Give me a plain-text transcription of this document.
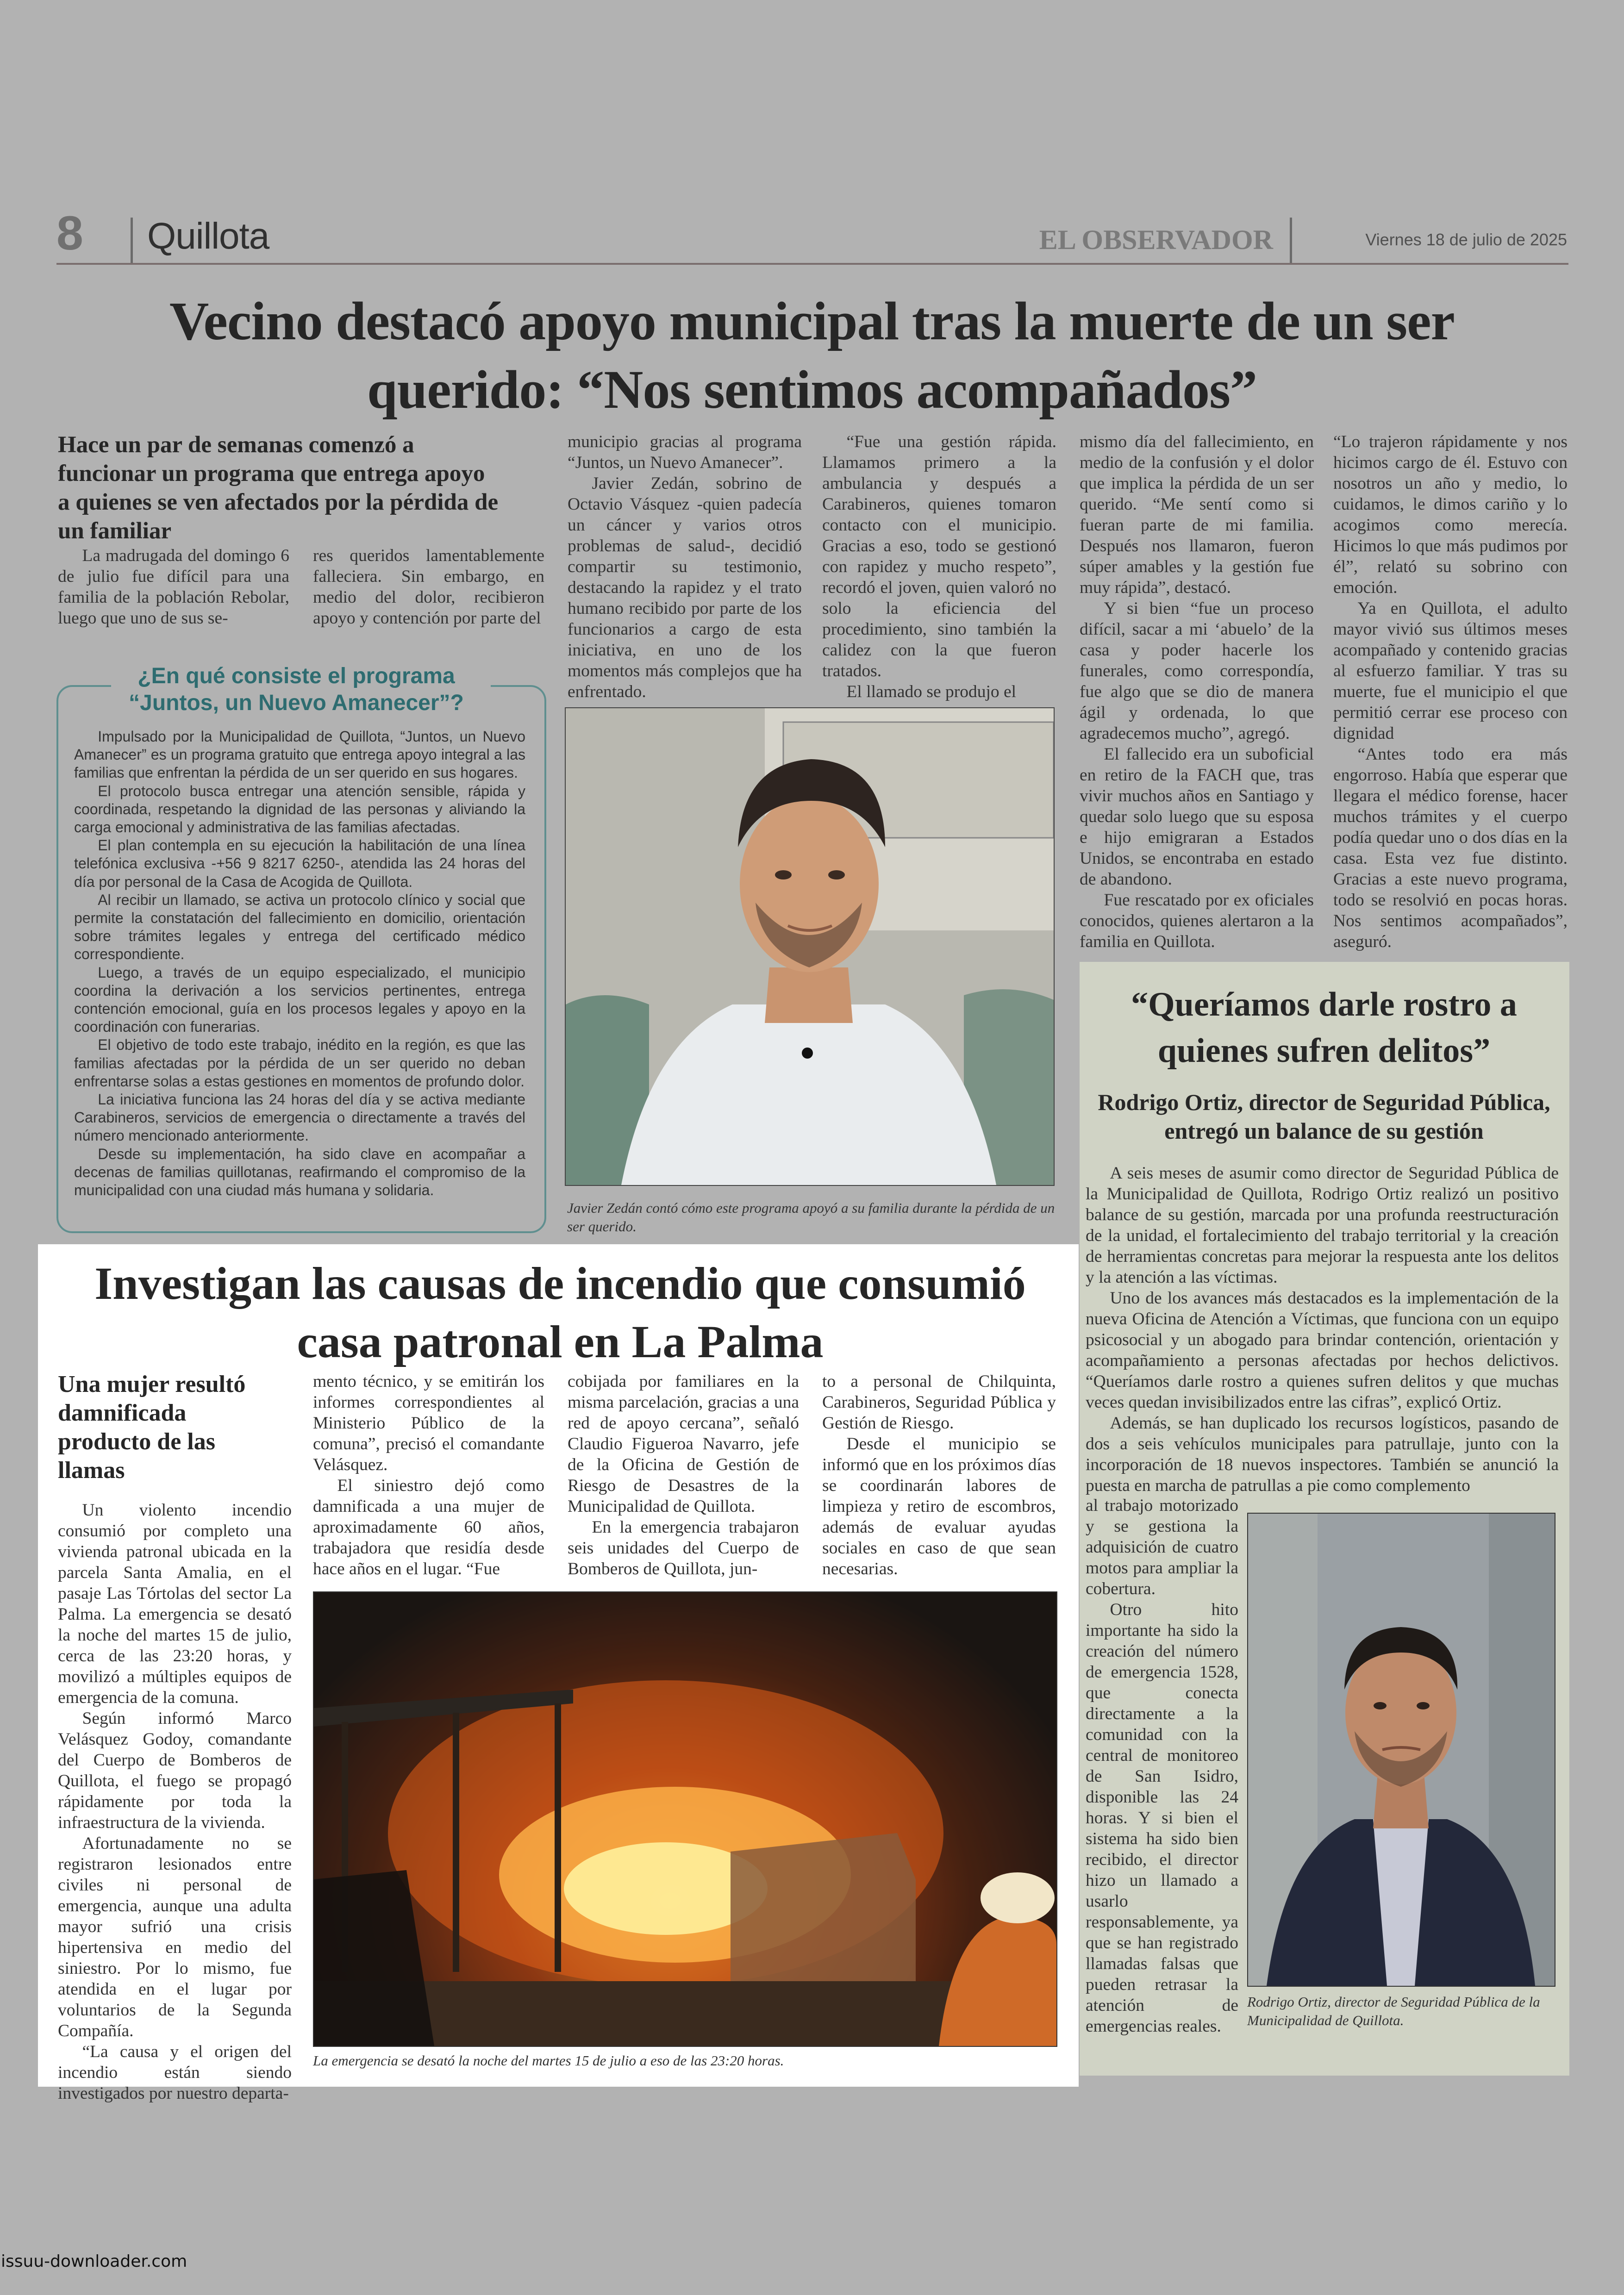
8 Quillota	EL OBSERVADOR	Viernes 18 de julio de 2025
Vecino destacó apoyo municipal tras la muerte de un ser querido: “Nos sentimos acompañados”
Hace un par de semanas comenzó a funcionar un programa que entrega apoyo a quienes se ven afectados por la pérdida de un familiar

La madrugada del domingo 6 de julio fue difícil para una familia de la población Rebolar, luego que uno de sus se-

res queridos lamentablemente falleciera. Sin embargo, en medio del dolor, recibieron apoyo y contención por parte del

municipio gracias al programa “Juntos, un Nuevo Amanecer”.

Javier Zedán, sobrino de Octavio Vásquez -quien padecía un cáncer y varios otros problemas de salud-, decidió compartir su testimonio, destacando la rapidez y el trato humano recibido por parte de los funcionarios a cargo de esta iniciativa, en uno de los momentos más complejos que ha enfrentado.

“Fue una gestión rápida. Llamamos primero a la ambulancia y después a Carabineros, quienes tomaron contacto con el municipio. Gracias a eso, todo se gestionó con rapidez y mucho respeto”, recordó el joven, quien valoró no solo la eficiencia del procedimiento, sino también la calidez con la que fueron tratados.

El llamado se produjo el

mismo día del fallecimiento, en medio de la confusión y el dolor que implica la pérdida de un ser querido. “Me sentí como si fueran parte de mi familia. Después nos llamaron, fueron súper amables y la gestión fue muy rápida”, destacó.

Y si bien “fue un proceso difícil, sacar a mi ‘abuelo’ de la casa y poder hacerle los funerales, como correspondía, fue algo que se dio de manera ágil y ordenada, lo que agradecemos mucho”, agregó.

El fallecido era un suboficial en retiro de la FACH que, tras vivir muchos años en Santiago y quedar solo luego que su esposa e hijo emigraran a Estados Unidos, se encontraba en estado de abandono.

Fue rescatado por ex oficiales conocidos, quienes alertaron a la familia en Quillota.

“Lo trajeron rápidamente y nos hicimos cargo de él. Estuvo con nosotros un año y medio, lo cuidamos, le dimos cariño y lo acogimos como merecía. Hicimos lo que más pudimos por él”, relató su sobrino con emoción.

Ya en Quillota, el adulto mayor vivió sus últimos meses acompañado y contenido gracias al esfuerzo familiar. Y tras su muerte, fue el municipio el que permitió cerrar ese proceso con dignidad

“Antes todo era más engorroso. Había que esperar que llegara el médico forense, hacer muchos trámites y el cuerpo podía quedar uno o dos días en la casa. Esta vez fue distinto. Gracias a este nuevo programa, todo se resolvió en pocas horas. Nos sentimos acompañados”, aseguró.

¿En qué consiste el programa “Juntos, un Nuevo Amanecer”?

Impulsado por la Municipalidad de Quillota, “Juntos, un Nuevo Amanecer” es un programa gratuito que entrega apoyo integral a las familias que enfrentan la pérdida de un ser querido en sus hogares.

El protocolo busca entregar una atención sensible, rápida y coordinada, respetando la dignidad de las personas y aliviando la carga emocional y administrativa de las familias afectadas.

El plan contempla en su ejecución la habilitación de una línea telefónica exclusiva -+56 9 8217 6250-, atendida las 24 horas del día por personal de la Casa de Acogida de Quillota.

Al recibir un llamado, se activa un protocolo clínico y social que permite la constatación del fallecimiento en domicilio, orientación sobre trámites legales y entrega del certificado médico correspondiente.

Luego, a través de un equipo especializado, el municipio coordina la derivación a los servicios pertinentes, entrega contención emocional, guía en los procesos legales y apoyo en la coordinación con funerarias.

El objetivo de todo este trabajo, inédito en la región, es que las familias afectadas por la pérdida de un ser querido no deban enfrentarse solas a estas gestiones en momentos de profundo dolor.

La iniciativa funciona las 24 horas del día y se activa mediante Carabineros, servicios de emergencia o directamente a través del número mencionado anteriormente.

Desde su implementación, ha sido clave en acompañar a decenas de familias quillotanas, reafirmando el compromiso de la municipalidad con una ciudad más humana y solidaria.

Javier Zedán contó cómo este programa apoyó a su familia durante la pérdida de un ser querido.
Investigan las causas de incendio que consumió casa patronal en La Palma
Una mujer resultó damnificada producto de las llamas

Un violento incendio consumió por completo una vivienda patronal ubicada en la parcela Santa Amalia, en el pasaje Las Tórtolas del sector La Palma. La emergencia se desató la noche del martes 15 de julio, cerca de las 23:20 horas, y movilizó a múltiples equipos de emergencia de la comuna.

Según informó Marco Velásquez Godoy, comandante del Cuerpo de Bomberos de Quillota, el fuego se propagó rápidamente por toda la infraestructura de la vivienda.

Afortunadamente no se registraron lesionados entre civiles ni personal de emergencia, aunque una adulta mayor sufrió una crisis hipertensiva en medio del siniestro. Por lo mismo, fue atendida en el lugar por voluntarios de la Segunda Compañía.

“La causa y el origen del incendio están siendo investigados por nuestro departa-

mento técnico, y se emitirán los informes correspondientes al Ministerio Público de la comuna”, precisó el comandante Velásquez.

El siniestro dejó como damnificada a una mujer de aproximadamente 60 años, trabajadora que residía desde hace años en el lugar. “Fue

cobijada por familiares en la misma parcelación, gracias a una red de apoyo cercana”, señaló Claudio Figueroa Navarro, jefe de la Oficina de Gestión de Riesgo de Desastres de la Municipalidad de Quillota.

En la emergencia trabajaron seis unidades del Cuerpo de Bomberos de Quillota, jun-

to a personal de Chilquinta, Carabineros, Seguridad Pública y Gestión de Riesgo.

Desde el municipio se informó que en los próximos días se coordinarán labores de limpieza y retiro de escombros, además de evaluar ayudas sociales en caso de que sean necesarias.

La emergencia se desató la noche del martes 15 de julio a eso de las 23:20 horas.
“Queríamos darle rostro a quienes sufren delitos”
Rodrigo Ortiz, director de Seguridad Pública, entregó un balance de su gestión

A seis meses de asumir como director de Seguridad Pública de la Municipalidad de Quillota, Rodrigo Ortiz realizó un positivo balance de su gestión, marcada por una profunda reestructuración de la unidad, el fortalecimiento del trabajo territorial y la creación de herramientas concretas para mejorar la respuesta ante los delitos y la atención a las víctimas.

Uno de los avances más destacados es la implementación de la nueva Oficina de Atención a Víctimas, que funciona con un equipo psicosocial y un abogado para brindar contención, orientación y acompañamiento a personas afectadas por hechos delictivos. “Queríamos darle rostro a quienes sufren delitos y que muchas veces quedan invisibilizados entre las cifras”, explicó Ortiz.

Además, se han duplicado los recursos logísticos, pasando de dos a seis vehículos municipales para patrullaje, junto con la incorporación de 18 nuevos inspectores. También se anunció la puesta en marcha de patrullas a pie como complemento

al trabajo motorizado y se gestiona la adquisición de cuatro motos para ampliar la cobertura.

Otro hito importante ha sido la creación del número de emergencia 1528, que conecta directamente a la comunidad con la central de monitoreo de San Isidro, disponible las 24 horas. Y si bien el sistema ha sido bien recibido, el director hizo un llamado a usarlo responsablemente, ya que se han registrado llamadas falsas que pueden retrasar la atención de emergencias reales.

Rodrigo Ortiz, director de Seguridad Pública de la Municipalidad de Quillota.
issuu-downloader.com
